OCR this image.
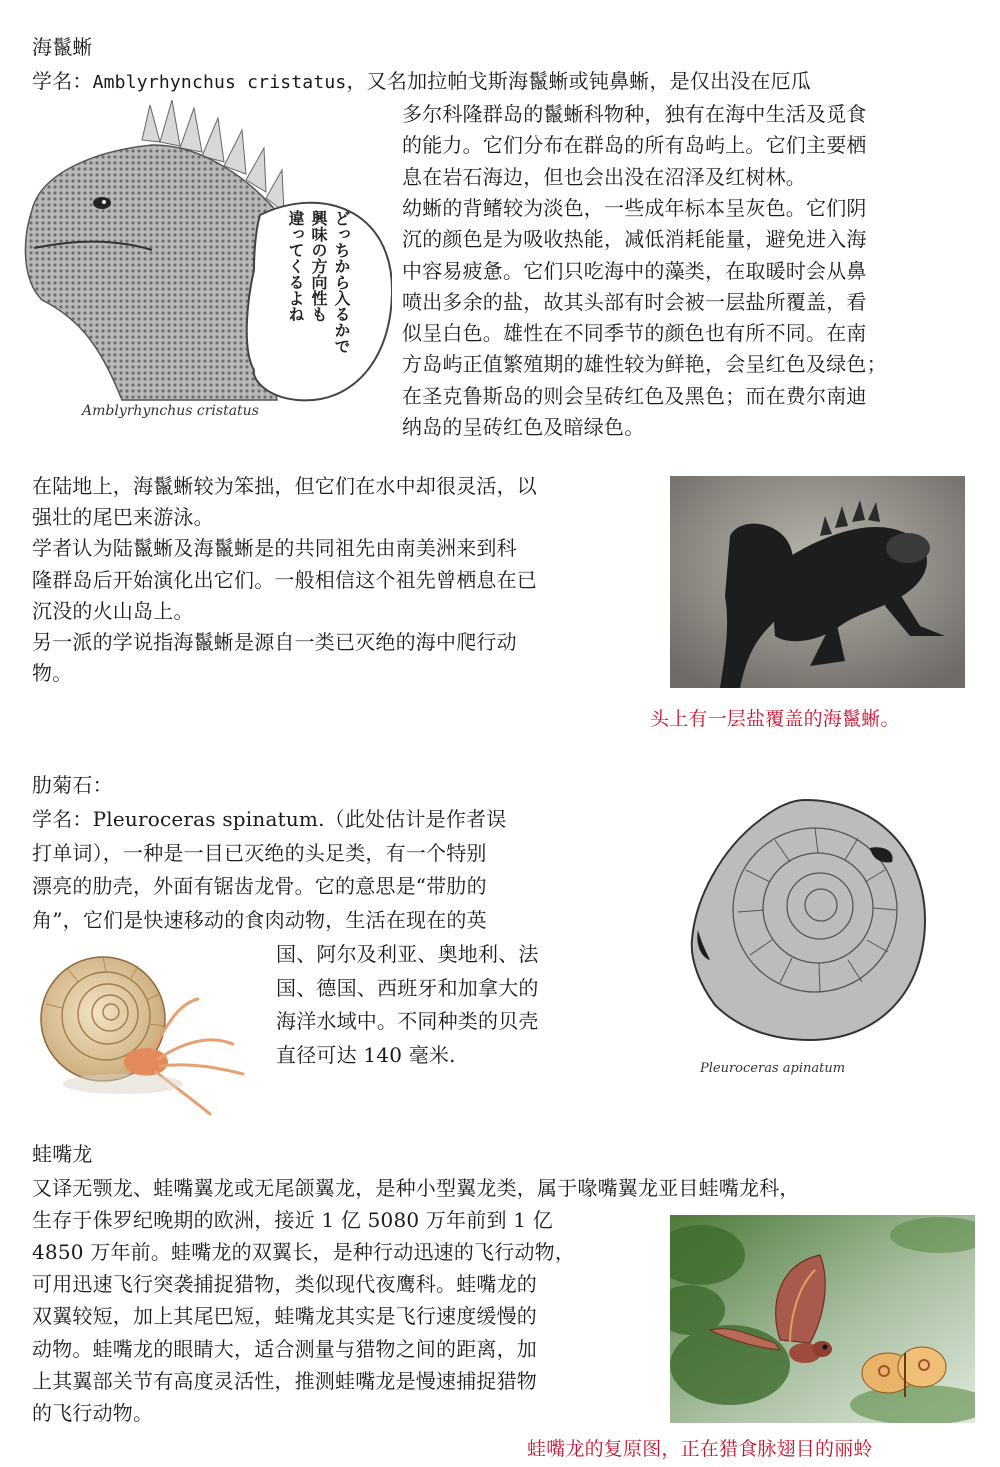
海鬣蜥
学名：Amblyrhynchus cristatus，又名加拉帕戈斯海鬣蜥或钝鼻蜥，是仅出没在厄瓜
多尔科隆群岛的鬣蜥科物种，独有在海中生活及觅食
的能力。它们分布在群岛的所有岛屿上。它们主要栖
息在岩石海边，但也会出没在沼泽及红树林。
幼蜥的背鳍较为淡色，一些成年标本呈灰色。它们阴
沉的颜色是为吸收热能，减低消耗能量，避免进入海
中容易疲惫。它们只吃海中的藻类，在取暖时会从鼻
喷出多余的盐，故其头部有时会被一层盐所覆盖，看
似呈白色。雄性在不同季节的颜色也有所不同。在南
方岛屿正值繁殖期的雄性较为鲜艳，会呈红色及绿色；
在圣克鲁斯岛的则会呈砖红色及黑色；而在费尔南迪
纳岛的呈砖红色及暗绿色。
どっちから入るかで
興味の方向性も
違ってくるよね
Amblyrhynchus cristatus
在陆地上，海鬣蜥较为笨拙，但它们在水中却很灵活，以
强壮的尾巴来游泳。
学者认为陆鬣蜥及海鬣蜥是的共同祖先由南美洲来到科
隆群岛后开始演化出它们。一般相信这个祖先曾栖息在已
沉没的火山岛上。
另一派的学说指海鬣蜥是源自一类已灭绝的海中爬行动
物。
头上有一层盐覆盖的海鬣蜥。
肋菊石：
学名：Pleuroceras spinatum.（此处估计是作者误
打单词），一种是一目已灭绝的头足类，有一个特别
漂亮的肋壳，外面有锯齿龙骨。它的意思是“带肋的
角”，它们是快速移动的食肉动物，生活在现在的英
国、阿尔及利亚、奥地利、法
国、德国、西班牙和加拿大的
海洋水域中。不同种类的贝壳
直径可达 140 毫米.
Pleuroceras apinatum
蛙嘴龙
又译无颚龙、蛙嘴翼龙或无尾颌翼龙，是种小型翼龙类，属于喙嘴翼龙亚目蛙嘴龙科，
生存于侏罗纪晚期的欧洲，接近 1 亿 5080 万年前到 1 亿
4850 万年前。蛙嘴龙的双翼长，是种行动迅速的飞行动物，
可用迅速飞行突袭捕捉猎物，类似现代夜鹰科。蛙嘴龙的
双翼较短，加上其尾巴短，蛙嘴龙其实是飞行速度缓慢的
动物。蛙嘴龙的眼睛大，适合测量与猎物之间的距离，加
上其翼部关节有高度灵活性，推测蛙嘴龙是慢速捕捉猎物
的飞行动物。
蛙嘴龙的复原图，正在猎食脉翅目的丽蛉
